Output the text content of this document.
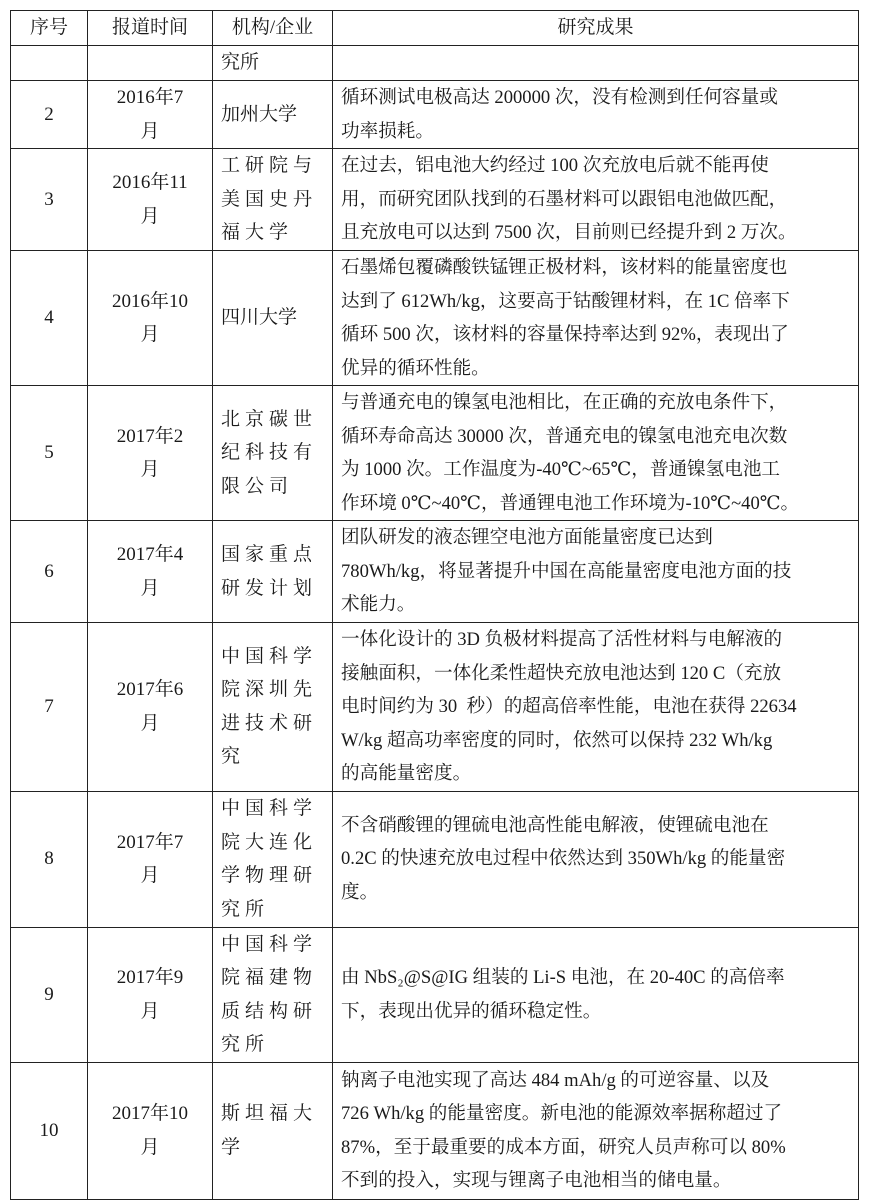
序号	报道时间	机构/企业	研究成果
		究所	
2	2016年7
月	加州大学	循环测试电极高达 200000 次，没有检测到任何容量或
功率损耗。
3	2016年11
月	工研院与
美国史丹
福大学	在过去，铝电池大约经过 100 次充放电后就不能再使
用，而研究团队找到的石墨材料可以跟铝电池做匹配，
且充放电可以达到 7500 次，目前则已经提升到 2 万次。
4	2016年10
月	四川大学	石墨烯包覆磷酸铁锰锂正极材料，该材料的能量密度也
达到了 612Wh/kg，这要高于钴酸锂材料，在 1C 倍率下
循环 500 次，该材料的容量保持率达到 92%，表现出了
优异的循环性能。
5	2017年2
月	北京碳世
纪科技有
限公司	与普通充电的镍氢电池相比，在正确的充放电条件下，
循环寿命高达 30000 次，普通充电的镍氢电池充电次数
为 1000 次。工作温度为-40℃~65℃，普通镍氢电池工
作环境 0℃~40℃，普通锂电池工作环境为-10℃~40℃。
6	2017年4
月	国家重点
研发计划	团队研发的液态锂空电池方面能量密度已达到
780Wh/kg，将显著提升中国在高能量密度电池方面的技
术能力。
7	2017年6
月	中国科学
院深圳先
进技术研
究	一体化设计的 3D 负极材料提高了活性材料与电解液的
接触面积，一体化柔性超快充放电池达到 120 C（充放
电时间约为 30  秒）的超高倍率性能，电池在获得 22634
W/kg 超高功率密度的同时，依然可以保持 232 Wh/kg
的高能量密度。
8	2017年7
月	中国科学
院大连化
学物理研
究所	不含硝酸锂的锂硫电池高性能电解液，使锂硫电池在
0.2C 的快速充放电过程中依然达到 350Wh/kg 的能量密
度。
9	2017年9
月	中国科学
院福建物
质结构研
究所	由 NbS₂@S@IG 组装的 Li-S 电池，在 20-40C 的高倍率
下，表现出优异的循环稳定性。
10	2017年10
月	斯坦福大
学	钠离子电池实现了高达 484 mAh/g 的可逆容量、以及
726 Wh/kg 的能量密度。新电池的能源效率据称超过了
87%，至于最重要的成本方面，研究人员声称可以 80%
不到的投入，实现与锂离子电池相当的储电量。
